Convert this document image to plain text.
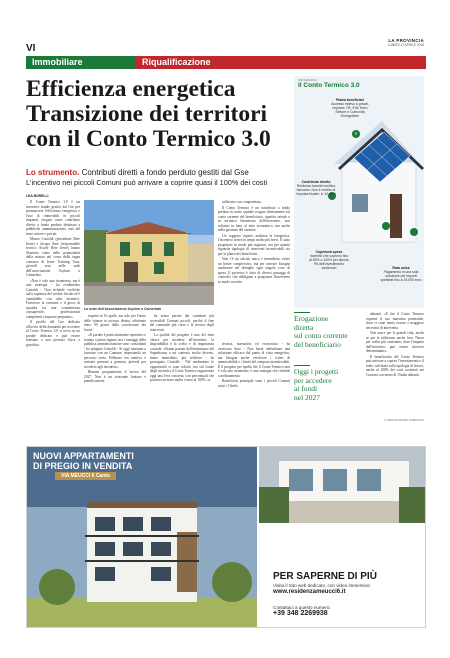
VI
LA PROVINCIA
LUNEDÌ 17 APRILE 2016
Immobiliare	Riqualificazione
Efficienza energetica
Transizione dei territori
con il Conto Termico 3.0
Lo strumento. Contributi diretti a fondo perduto gestiti dal Gse
L'incentivo nei piccoli Comuni può arrivare a coprire quasi il 100% dei costi
INFOGRAFICA
Il Conto Termico 3.0
€
Platea beneficiari
Accesso esteso a privati, imprese, PA, Enti Terzo Settore e Comunità Energetiche
Contributo diretto
Rimborso tramite bonifico bancario. Non è credito di imposta fiscale: in 10 anni
Copertura spese
Incentivi che coprono fino al 65% o 100% per alcune PA dell'investimento sostenuto	Rata unica
Pagamento in una sola soluzione per importi spettanti fino a 15.000 euro
LEA BORELLI

Il Conto Termico 3.0 è un incentivo statale gestito dal Gse per promuovere l'efficienza energetica e l'uso di rinnovabili in piccoli impianti, erogato come contributo diretto a fondo perduto destinato a pubbliche amministrazioni, enti del terzo settore e privati.

Mauro Castoldi (presidente Rete Irene) e Jacopo Ante (responsabile tecnico Ascale Rete Irene) hanno illustrato come nelle potenzialità della misura nel corso della tappa comasca di Irene Training Tour, giovedì sera nelle sede dell'associazione Asylum a Camerlata.

«Non è solo uno strumento, ma è una strategia - ha evidenziato Castoldi - Non richiede verifiche sulla capienza del credito fiscale ed è cumulabile con altri incentivi. Favorisce la coesione e il gioco di squadra tra una committenza consapevole, professionisti competenti e imprese preparate».

Il profilo del Gse dedicato all'avvio della domanda per accedere al Conto Termico 3.0 si trova in un portale dedicato e può essere intestato a una persona fisica o giuridica.

La sede dell'associazione Asylum a Camerlata

rispetto al 16 aprile, ma solo per l'invio delle istanze in accesso diretto, effettuate entro 90 giorni dalla conclusione dei lavori.

«Il portale è particolarmente operativo e tornato a pieno regime, ma i vantaggi della pubblica amministrazione sono consolidati - ha spiegato Castoldi - Si oggi iniziamo a lavorare con un Comune, impostando un percorso serio. Febbraio era inattivo e arrivare presenti a gennaio, prevedi per accedere agli incentivi».

Rimane programmato il lavoro del 2027. Non è un orizzonte lontano e pianificazione.

ha senso partire dai contenuti più accessibili Comuni piccoli, perché il fine del comunale più corto e la tecnica degli interventi.

La qualità del progetto è uno dei temi chiave per accedere all'incentivo: la disponibilità e la scelta è di importanza cruciale. «Siamo passati dall'entusiasmo del Superbonus a un contesto molto diverso, meno immediato, più selettivo - ha proseguito Castoldi - Nel rendimento le opportunità si sono ridotte, ma sul fronte degli incentivi il Conto Termico rappresenta oggi una leva concreta, con percentuali che possono arrivare molto vicine al 100%, se

utilizzato con competenza».

Il Conto Termico è un contributo a fondo perduto in conto capitale erogato direttamente sul conto corrente del beneficiario, ripartito rateale o in un'unica finanziaria dell'intervento, non soltanto in base al tetto economico, ma anche nella gestione del cantiere.

Un soggetto esperto analizza la tempistica, l'incentivo arriva in tempi molto più brevi. È stato progettato in modo più organico, ma per quanto riguarda tipologia di interventi incentivabili sia per la platea dei beneficiari.

Non c'è un calcolo unico e immediato, esiste un limite complessivo, ma per arrivare bisogna analizzare nel dettaglio ogni singolo voce di spesa. Il processo è fatto di diversi passaggi di controllo che obbligano a progettare l'intervento in modo corretto.

tecnica, normativa ed economica - ha osservato Ante - Non basta individuare una soluzione efficace dal punto di vista energetico, ma bisogna anche verificare i criteri di ammissibilità e i limiti del computo incentivabile. È il progetto per quello che il Conto Termico non è solo uno strumento, è una strategia che richiede coordinamento.

Beneficiari principali sono i piccoli Comuni sotto i 15mila

Erogazione
diretta
sul conto corrente
del beneficiario
Oggi i progetti
per accedere
ai fondi
nel 2027

abitanti. «È che il Conto Termico esprime il suo massimo potenziale, dove ci sono meno risorse e maggiore necessità di intervento.

Non nasce per le grandi città, anche se poi le utilizzano anche loro. Nasce per realtà più contenute, dove l'impatto dell'incentivo può essere davvero determinante».

Il beneficiario del Conto Termico può arrivare a coprire l'investimento e il reale, calcolato sulla tipologia di lavoro, anche al 100% dei costi sostenuti nei Comuni con meno di 15mila abitanti.

© RIPRODUZIONE RISERVATA
NUOVI APPARTAMENTI
DI PREGIO IN VENDITA
VIA MEUCCI 6 Canto
PER SAPERNE DI PIÙ
Visita il Sito web dedicato, con video immersivo:
www.residenzameucci6.it
Contattaci a questo numero:
+39 348 2269938
